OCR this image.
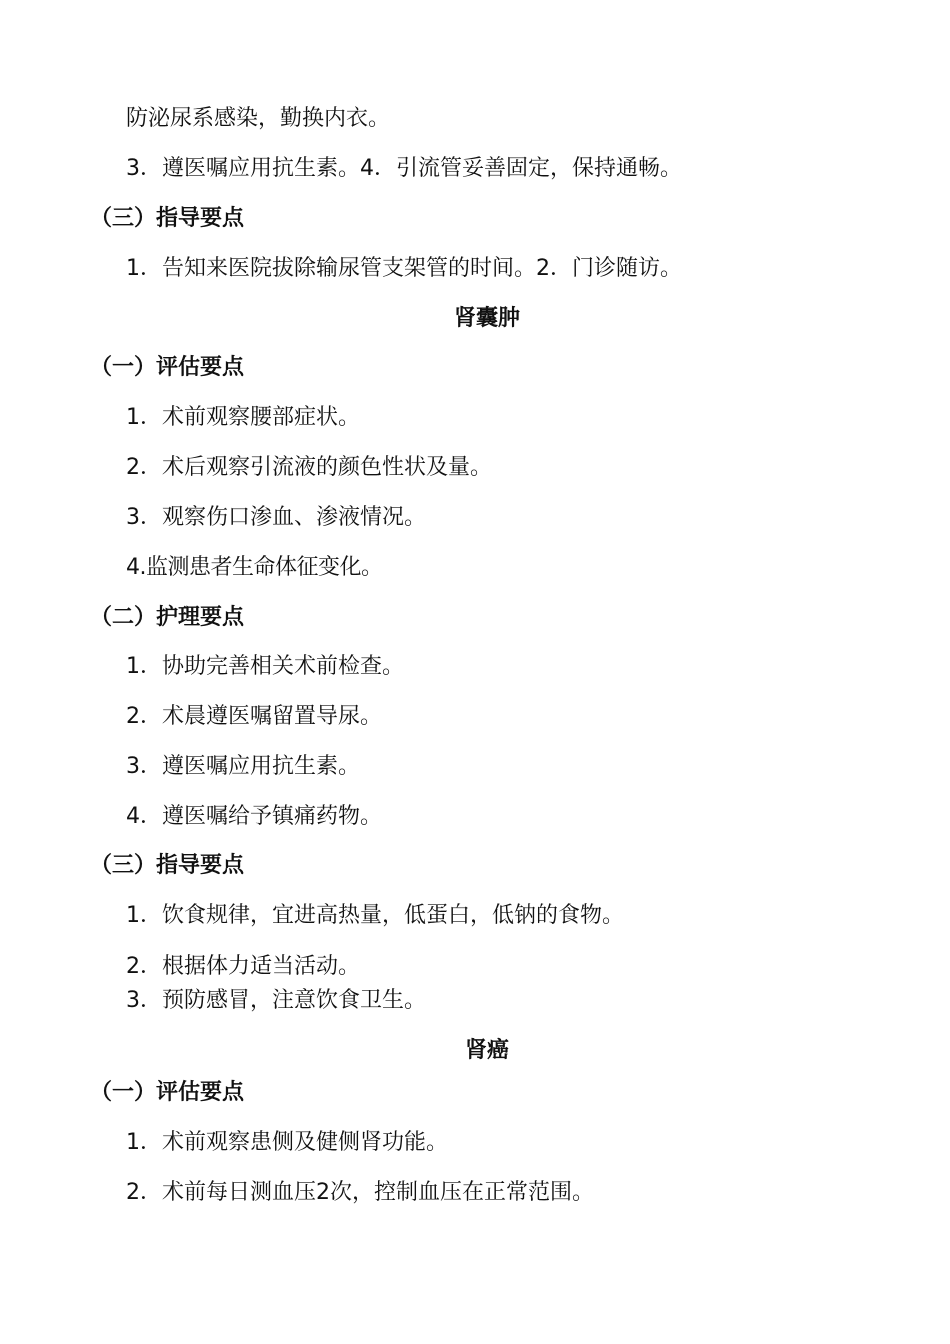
防泌尿系感染，勤换内衣。
3．遵医嘱应用抗生素。4．引流管妥善固定，保持通畅。
（三）指导要点
1．告知来医院拔除输尿管支架管的时间。2．门诊随访。
肾囊肿
（一）评估要点
1．术前观察腰部症状。
2．术后观察引流液的颜色性状及量。
3．观察伤口渗血、渗液情况。
4.监测患者生命体征变化。
（二）护理要点
1．协助完善相关术前检查。
2．术晨遵医嘱留置导尿。
3．遵医嘱应用抗生素。
4．遵医嘱给予镇痛药物。
（三）指导要点
1．饮食规律，宜进高热量，低蛋白，低钠的食物。
2．根据体力适当活动。
3．预防感冒，注意饮食卫生。
肾癌
（一）评估要点
1．术前观察患侧及健侧肾功能。
2．术前每日测血压2次，控制血压在正常范围。
